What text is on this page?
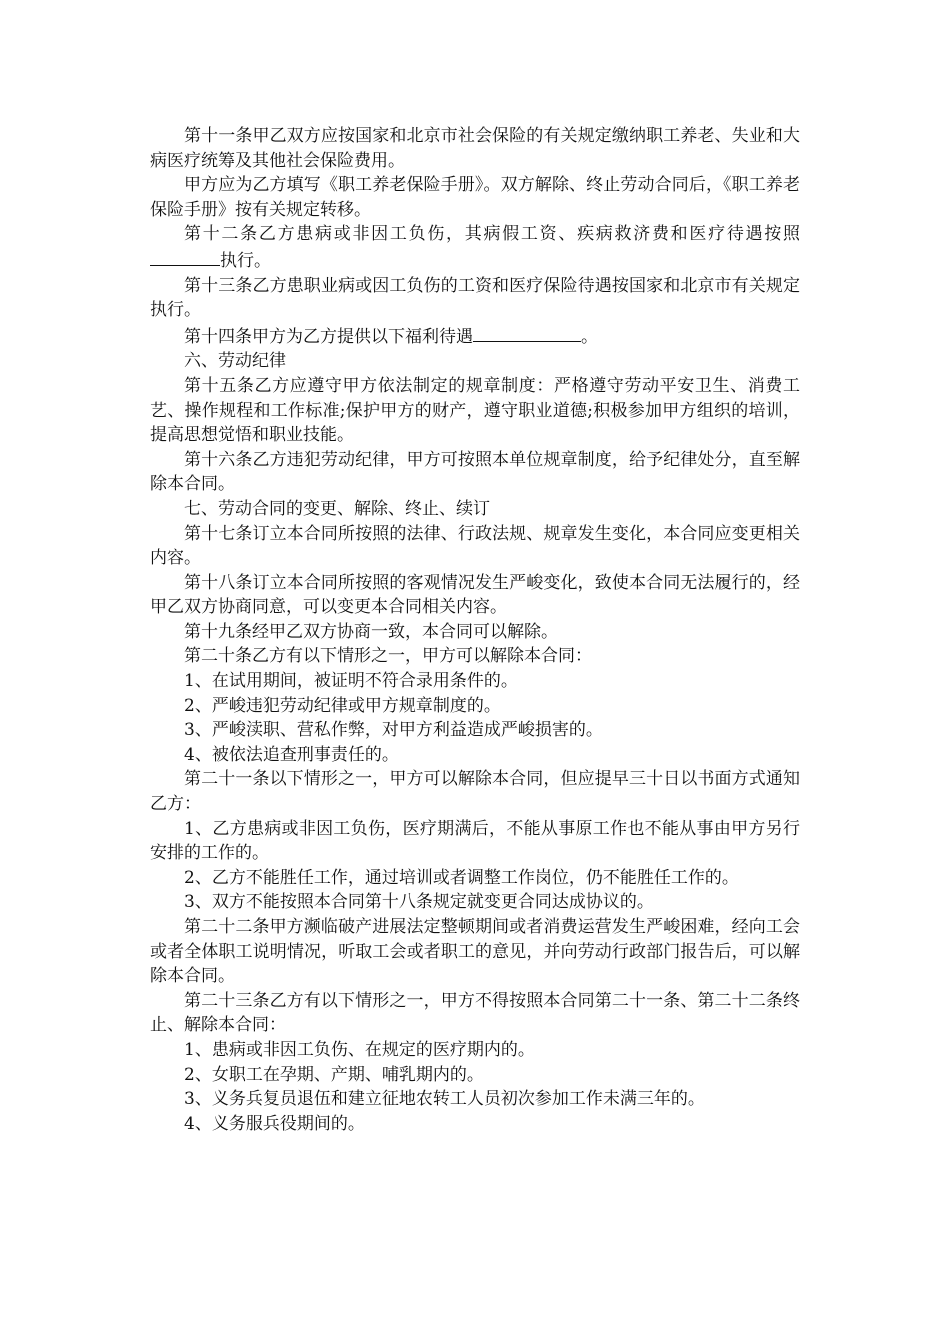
第十一条甲乙双方应按国家和北京市社会保险的有关规定缴纳职工养老、失业和大病医疗统筹及其他社会保险费用。

甲方应为乙方填写《职工养老保险手册》。双方解除、终止劳动合同后，《职工养老保险手册》按有关规定转移。

第十二条乙方患病或非因工负伤，其病假工资、疾病救济费和医疗待遇按照执行。

第十三条乙方患职业病或因工负伤的工资和医疗保险待遇按国家和北京市有关规定执行。

第十四条甲方为乙方提供以下福利待遇	。

六、劳动纪律

第十五条乙方应遵守甲方依法制定的规章制度：严格遵守劳动平安卫生、消费工艺、操作规程和工作标准;保护甲方的财产，遵守职业道德;积极参加甲方组织的培训，提高思想觉悟和职业技能。

第十六条乙方违犯劳动纪律，甲方可按照本单位规章制度，给予纪律处分，直至解除本合同。

七、劳动合同的变更、解除、终止、续订

第十七条订立本合同所按照的法律、行政法规、规章发生变化，本合同应变更相关内容。

第十八条订立本合同所按照的客观情况发生严峻变化，致使本合同无法履行的，经甲乙双方协商同意，可以变更本合同相关内容。

第十九条经甲乙双方协商一致，本合同可以解除。

第二十条乙方有以下情形之一，甲方可以解除本合同：

1、在试用期间，被证明不符合录用条件的。

2、严峻违犯劳动纪律或甲方规章制度的。

3、严峻渎职、营私作弊，对甲方利益造成严峻损害的。

4、被依法追查刑事责任的。

第二十一条以下情形之一，甲方可以解除本合同，但应提早三十日以书面方式通知乙方：

1、乙方患病或非因工负伤，医疗期满后，不能从事原工作也不能从事由甲方另行安排的工作的。

2、乙方不能胜任工作，通过培训或者调整工作岗位，仍不能胜任工作的。

3、双方不能按照本合同第十八条规定就变更合同达成协议的。

第二十二条甲方濒临破产进展法定整顿期间或者消费运营发生严峻困难，经向工会或者全体职工说明情况，听取工会或者职工的意见，并向劳动行政部门报告后，可以解除本合同。

第二十三条乙方有以下情形之一，甲方不得按照本合同第二十一条、第二十二条终止、解除本合同：

1、患病或非因工负伤、在规定的医疗期内的。

2、女职工在孕期、产期、哺乳期内的。

3、义务兵复员退伍和建立征地农转工人员初次参加工作未满三年的。

4、义务服兵役期间的。
